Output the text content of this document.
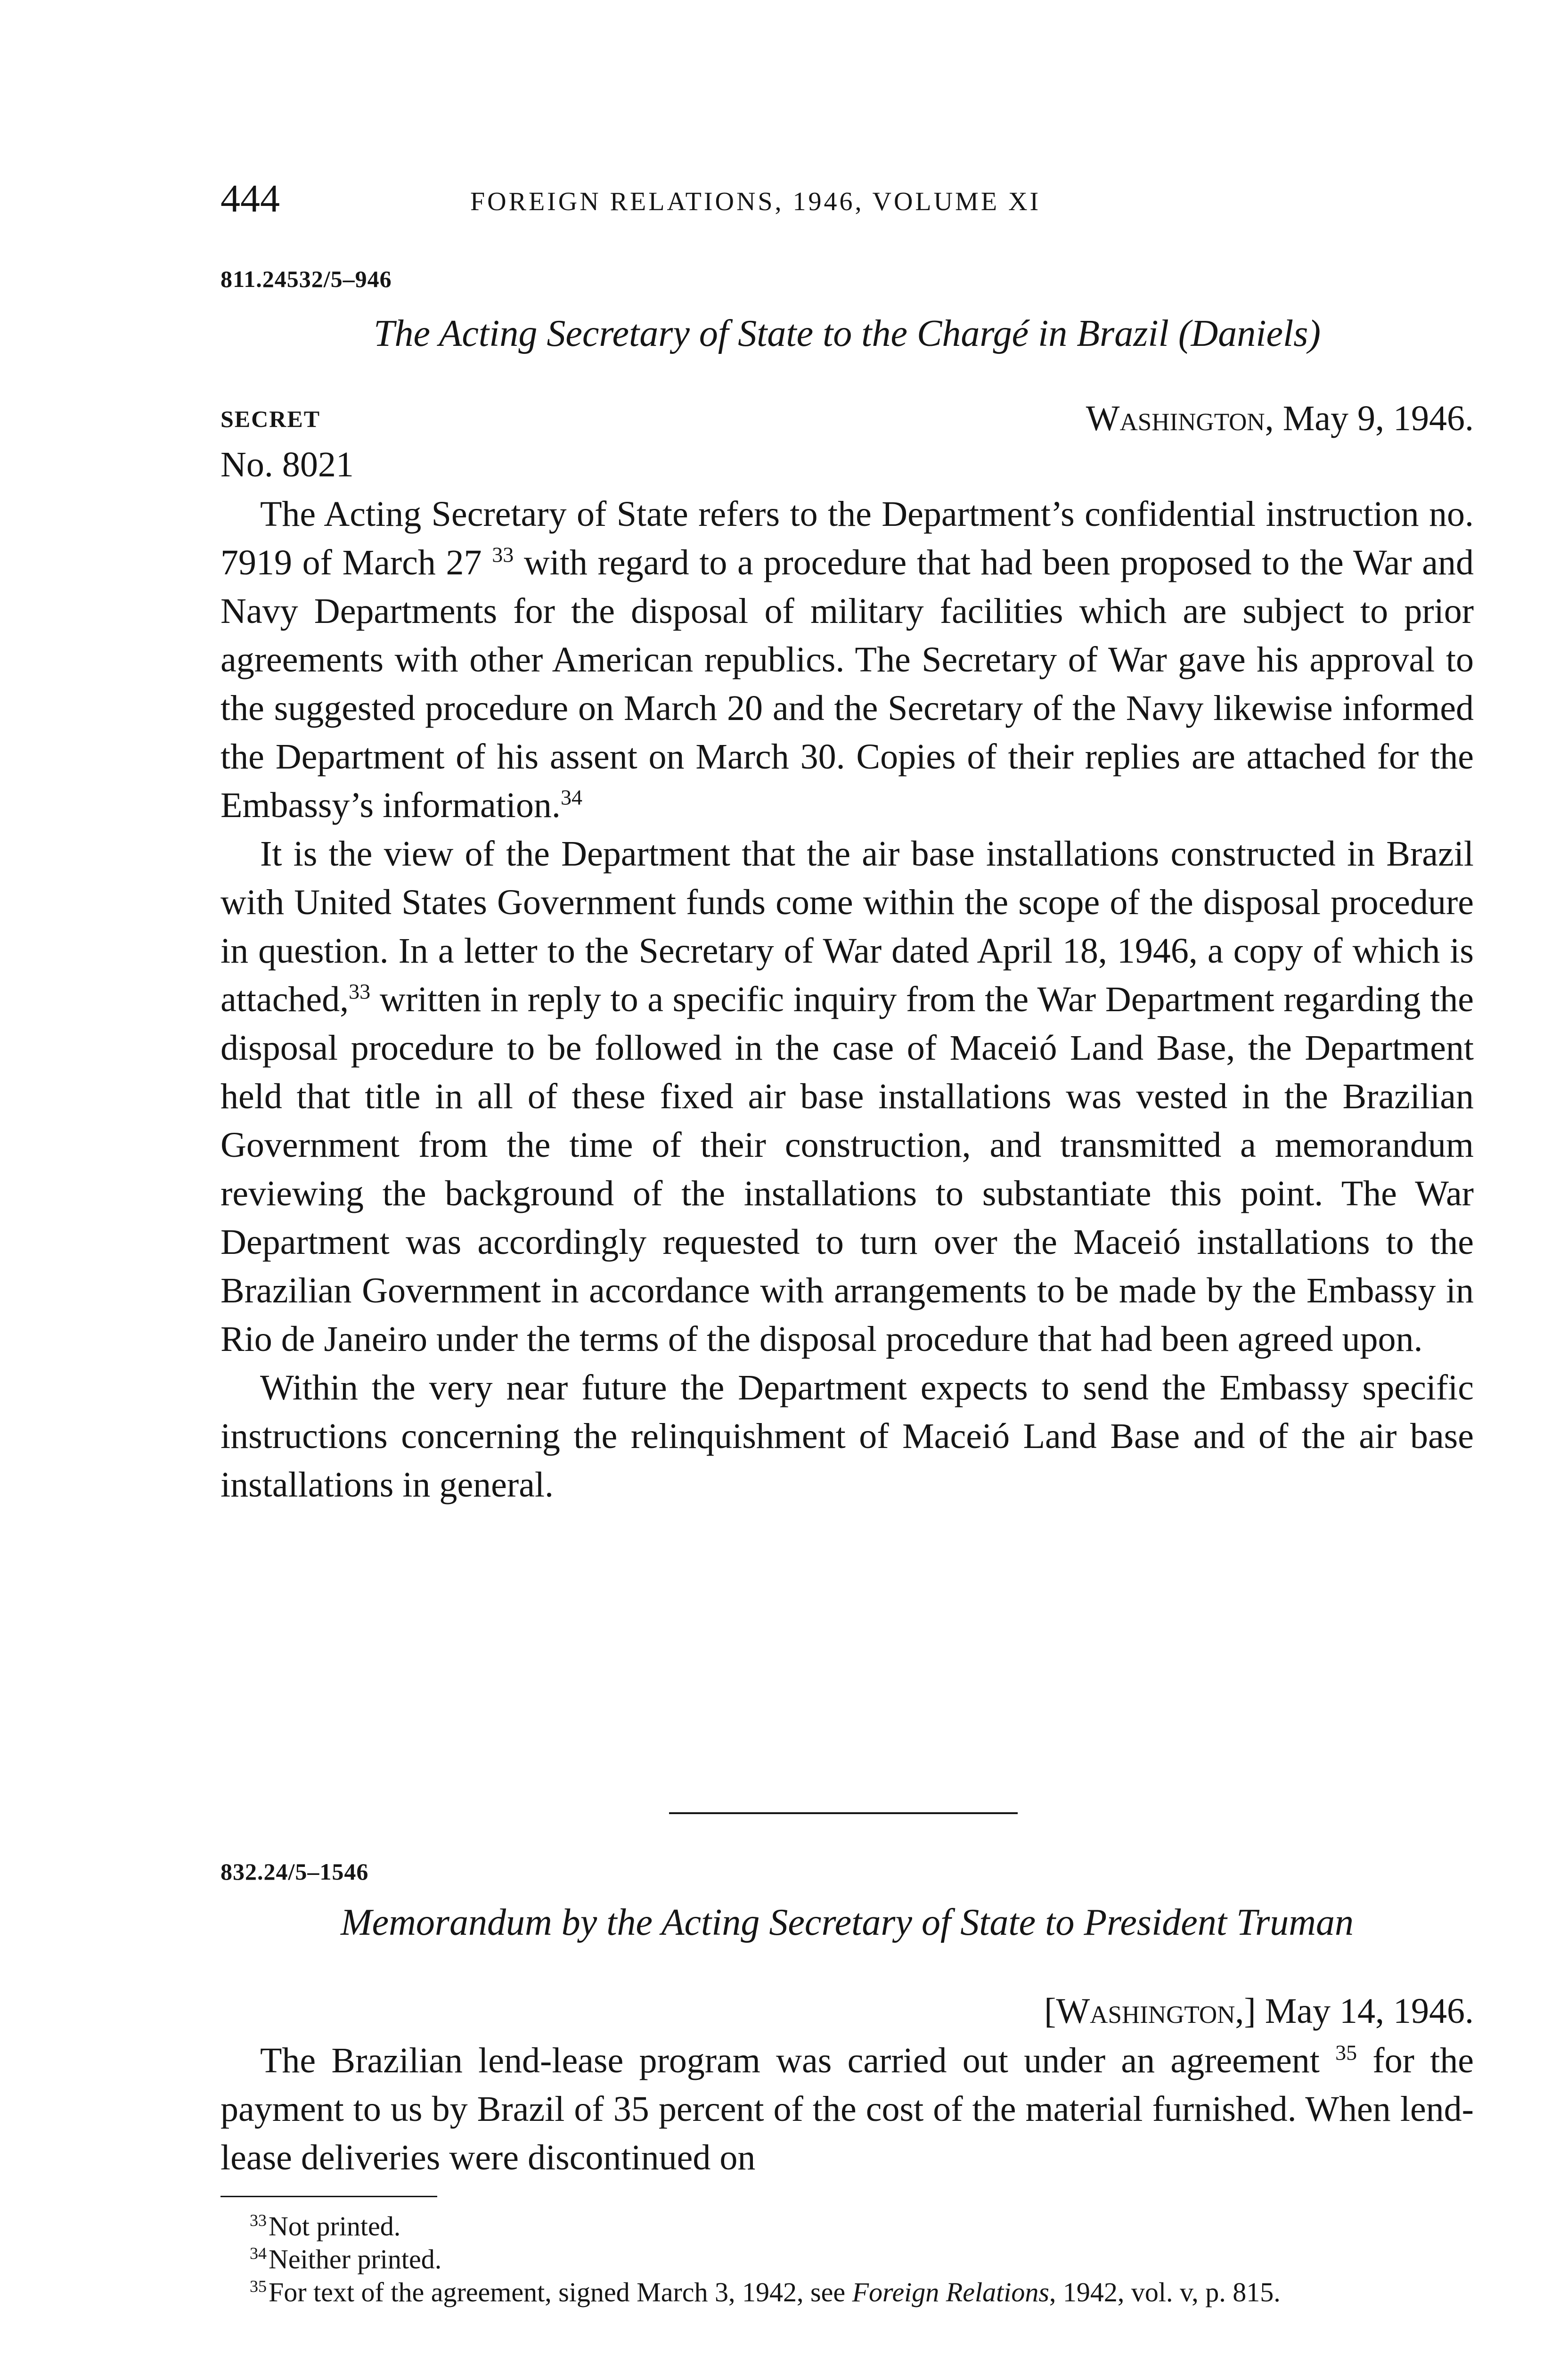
444	FOREIGN RELATIONS, 1946, VOLUME XI
811.24532/5–946
The Acting Secretary of State to the Chargé in Brazil (Daniels)
SECRET	Washington, May 9, 1946.
No. 8021

The Acting Secretary of State refers to the Department’s confidential instruction no. 7919 of March 27 $^{33}$ with regard to a procedure that had been proposed to the War and Navy Departments for the disposal of military facilities which are subject to prior agreements with other American republics. The Secretary of War gave his approval to the suggested procedure on March 20 and the Secretary of the Navy likewise informed the Department of his assent on March 30. Copies of their replies are attached for the Embassy’s information.$^{34}$

It is the view of the Department that the air base installations constructed in Brazil with United States Government funds come within the scope of the disposal procedure in question. In a letter to the Secretary of War dated April 18, 1946, a copy of which is attached,$^{33}$ written in reply to a specific inquiry from the War Department regarding the disposal procedure to be followed in the case of Maceió Land Base, the Department held that title in all of these fixed air base installations was vested in the Brazilian Government from the time of their construction, and transmitted a memorandum reviewing the background of the installations to substantiate this point. The War Department was accordingly requested to turn over the Maceió installations to the Brazilian Government in accordance with arrangements to be made by the Embassy in Rio de Janeiro under the terms of the disposal procedure that had been agreed upon.

Within the very near future the Department expects to send the Embassy specific instructions concerning the relinquishment of Maceió Land Base and of the air base installations in general.

832.24/5–1546
Memorandum by the Acting Secretary of State to President Truman
[Washington,] May 14, 1946.

The Brazilian lend-lease program was carried out under an agreement $^{35}$ for the payment to us by Brazil of 35 percent of the cost of the material furnished. When lend-lease deliveries were discontinued on

$^{33}$Not printed.
$^{34}$Neither printed.
$^{35}$For text of the agreement, signed March 3, 1942, see Foreign Relations, 1942, vol. v, p. 815.
